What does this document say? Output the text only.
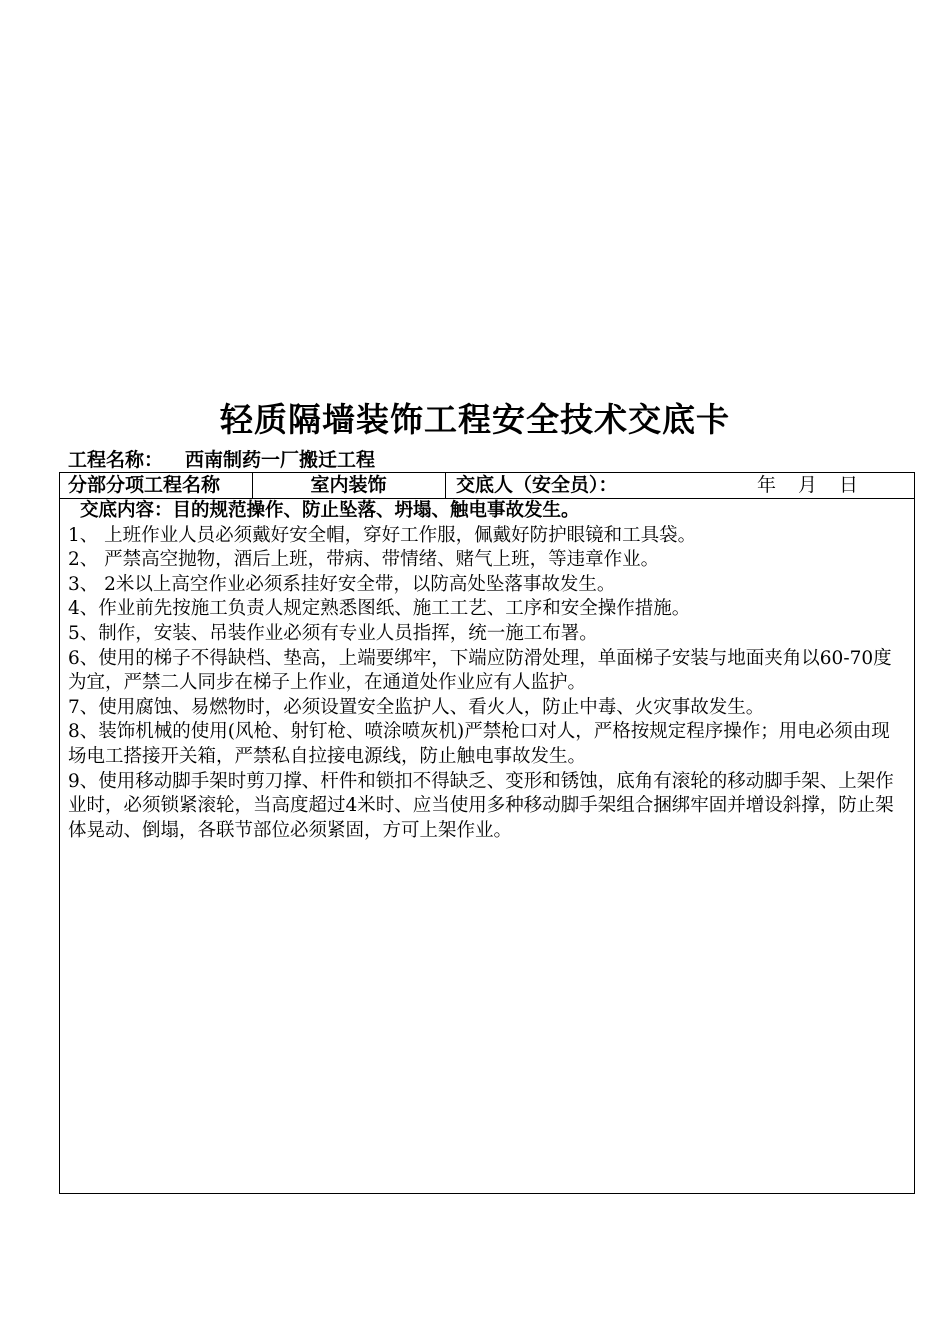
轻质隔墙装饰工程安全技术交底卡
工程名称： 西南制药一厂搬迁工程
分部分项工程名称	室内装饰	交底人（安全员）：	年 月 日

交底内容：目的规范操作、防止坠落、坍塌、触电事故发生。

1、 上班作业人员必须戴好安全帽，穿好工作服，佩戴好防护眼镜和工具袋。

2、 严禁高空抛物，酒后上班，带病、带情绪、赌气上班，等违章作业。

3、 2米以上高空作业必须系挂好安全带，以防高处坠落事故发生。

4、作业前先按施工负责人规定熟悉图纸、施工工艺、工序和安全操作措施。

5、制作，安装、吊装作业必须有专业人员指挥，统一施工布署。

6、使用的梯子不得缺档、垫高，上端要绑牢，下端应防滑处理，单面梯子安装与地面夹角以60-70度为宜，严禁二人同步在梯子上作业，在通道处作业应有人监护。

7、使用腐蚀、易燃物时，必须设置安全监护人、看火人，防止中毒、火灾事故发生。

8、装饰机械的使用(风枪、射钉枪、喷涂喷灰机)严禁枪口对人，严格按规定程序操作；用电必须由现场电工搭接开关箱，严禁私自拉接电源线，防止触电事故发生。

9、使用移动脚手架时剪刀撑、杆件和锁扣不得缺乏、变形和锈蚀，底角有滚轮的移动脚手架、上架作业时，必须锁紧滚轮，当高度超过4米时、应当使用多种移动脚手架组合捆绑牢固并增设斜撑，防止架体晃动、倒塌，各联节部位必须紧固，方可上架作业。
